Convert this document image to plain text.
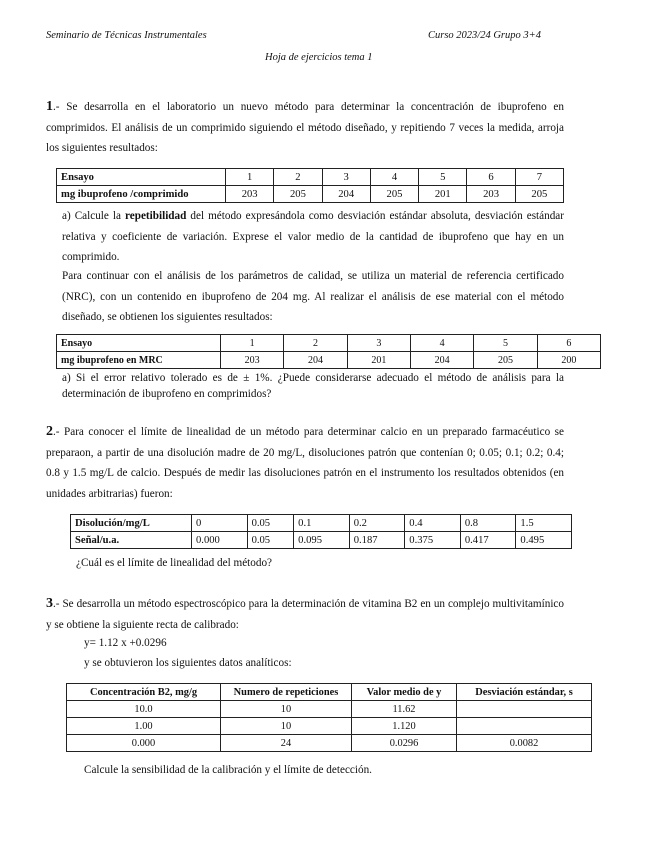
Seminario de Técnicas Instrumentales	Curso 2023/24 Grupo 3+4
Hoja de ejercicios tema 1

1.- Se desarrolla en el laboratorio un nuevo método para determinar la concentración de ibuprofeno en comprimidos. El análisis de un comprimido siguiendo el método diseñado, y repitiendo 7 veces la medida, arroja los siguientes resultados:

Ensayo	1	2	3	4	5	6	7
mg ibuprofeno /comprimido	203	205	204	205	201	203	205

a) Calcule la repetibilidad del método expresándola como desviación estándar absoluta, desviación estándar relativa y coeficiente de variación. Exprese el valor medio de la cantidad de ibuprofeno que hay en un comprimido.

Para continuar con el análisis de los parámetros de calidad, se utiliza un material de referencia certificado (NRC), con un contenido en ibuprofeno de 204 mg. Al realizar el análisis de ese material con el método diseñado, se obtienen los siguientes resultados:

Ensayo	1	2	3	4	5	6
mg ibuprofeno en MRC	203	204	201	204	205	200

a) Si el error relativo tolerado es de ± 1%. ¿Puede considerarse adecuado el método de análisis para la determinación de ibuprofeno en comprimidos?

2.- Para conocer el límite de linealidad de un método para determinar calcio en un preparado farmacéutico se preparaon, a partir de una disolución madre de 20 mg/L, disoluciones patrón que contenían 0; 0.05; 0.1; 0.2; 0.4; 0.8 y 1.5 mg/L de calcio. Después de medir las disoluciones patrón en el instrumento los resultados obtenidos (en unidades arbitrarias) fueron:

Disolución/mg/L	0	0.05	0.1	0.2	0.4	0.8	1.5
Señal/u.a.	0.000	0.05	0.095	0.187	0.375	0.417	0.495
¿Cuál es el límite de linealidad del método?

3.- Se desarrolla un método espectroscópico para la determinación de vitamina B2 en un complejo multivitamínico y se obtiene la siguiente recta de calibrado:

y= 1.12 x +0.0296
y se obtuvieron los siguientes datos analíticos:
Concentración B2, mg/g	Numero de repeticiones	Valor medio de y	Desviación estándar, s
10.0	10	11.62	
1.00	10	1.120	
0.000	24	0.0296	0.0082
Calcule la sensibilidad de la calibración y el límite de detección.
